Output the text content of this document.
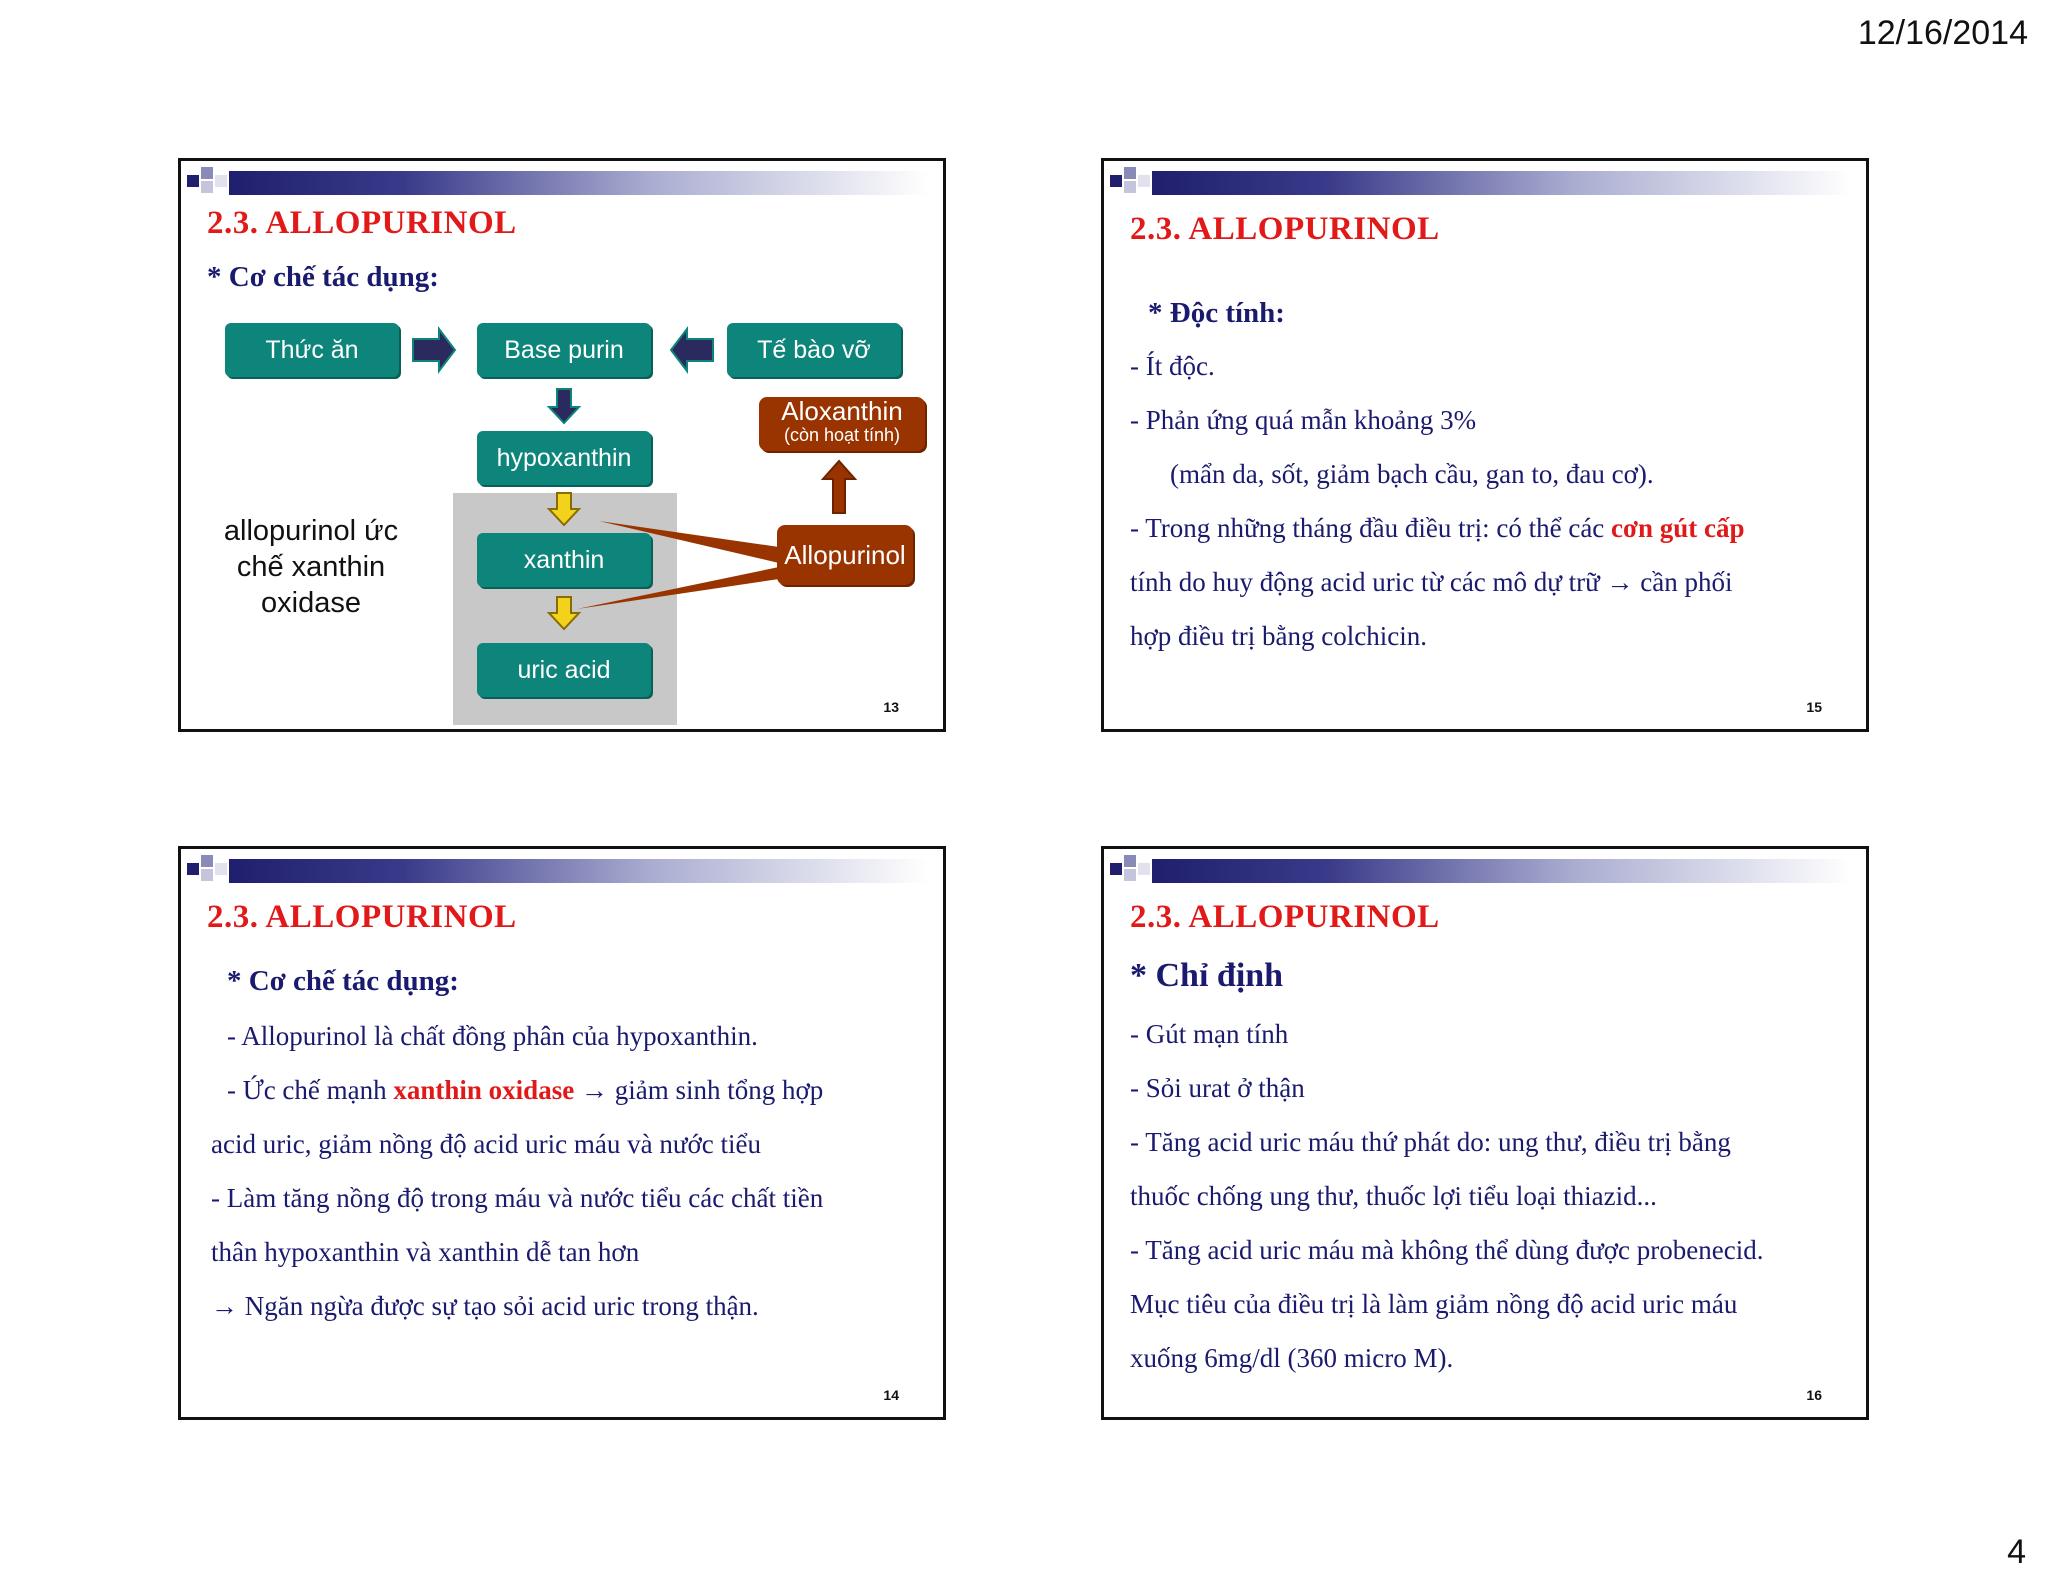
12/16/2014
2.3. ALLOPURINOL
* Cơ chế tác dụng:
Thức ăn	Base purin	Tế bào vỡ
hypoxanthin
xanthin
uric acid
Aloxanthin
(còn hoạt tính)
Allopurinol
allopurinol ức chế xanthin oxidase
13
2.3. ALLOPURINOL
* Độc tính:
- Ít độc.
- Phản ứng quá mẫn khoảng 3%
(mẩn da, sốt, giảm bạch cầu, gan to, đau cơ).
- Trong những tháng đầu điều trị: có thể các cơn gút cấp
tính do huy động acid uric từ các mô dự trữ → cần phối
hợp điều trị bằng colchicin.
15
2.3. ALLOPURINOL
* Cơ chế tác dụng:
- Allopurinol là chất đồng phân của hypoxanthin.
- Ức chế mạnh xanthin oxidase → giảm sinh tổng hợp
acid uric, giảm nồng độ acid uric máu và nước tiểu
- Làm tăng nồng độ trong máu và nước tiểu các chất tiền
thân hypoxanthin và xanthin dễ tan hơn
→ Ngăn ngừa được sự tạo sỏi acid uric trong thận.
14
2.3. ALLOPURINOL
* Chỉ định
- Gút mạn tính
- Sỏi urat ở thận
- Tăng acid uric máu thứ phát do: ung thư, điều trị bằng
thuốc chống ung thư, thuốc lợi tiểu loại thiazid...
- Tăng acid uric máu mà không thể dùng được probenecid.
Mục tiêu của điều trị là làm giảm nồng độ acid uric máu
xuống 6mg/dl (360 micro M).
16
4
